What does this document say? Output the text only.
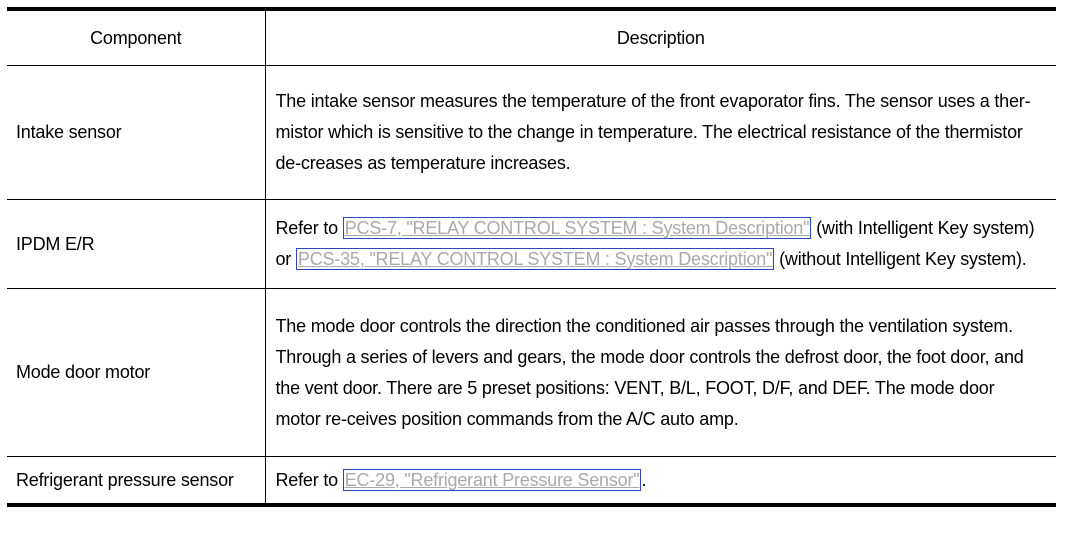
Component	Description
Intake sensor	The intake sensor measures the temperature of the front evaporator fins. The sensor uses a ther-mistor which is sensitive to the change in temperature. The electrical resistance of the thermistor de-creases as temperature increases.

IPDM E/R	Refer to PCS-7, "RELAY CONTROL SYSTEM : System Description" (with Intelligent Key system) or PCS-35, "RELAY CONTROL SYSTEM : System Description" (without Intelligent Key system).
Mode door motor	The mode door controls the direction the conditioned air passes through the ventilation system. Through a series of levers and gears, the mode door controls the defrost door, the foot door, and the vent door. There are 5 preset positions: VENT, B/L, FOOT, D/F, and DEF. The mode door motor re-ceives position commands from the A/C auto amp.

Refrigerant pressure sensor	Refer to EC-29, "Refrigerant Pressure Sensor" .
